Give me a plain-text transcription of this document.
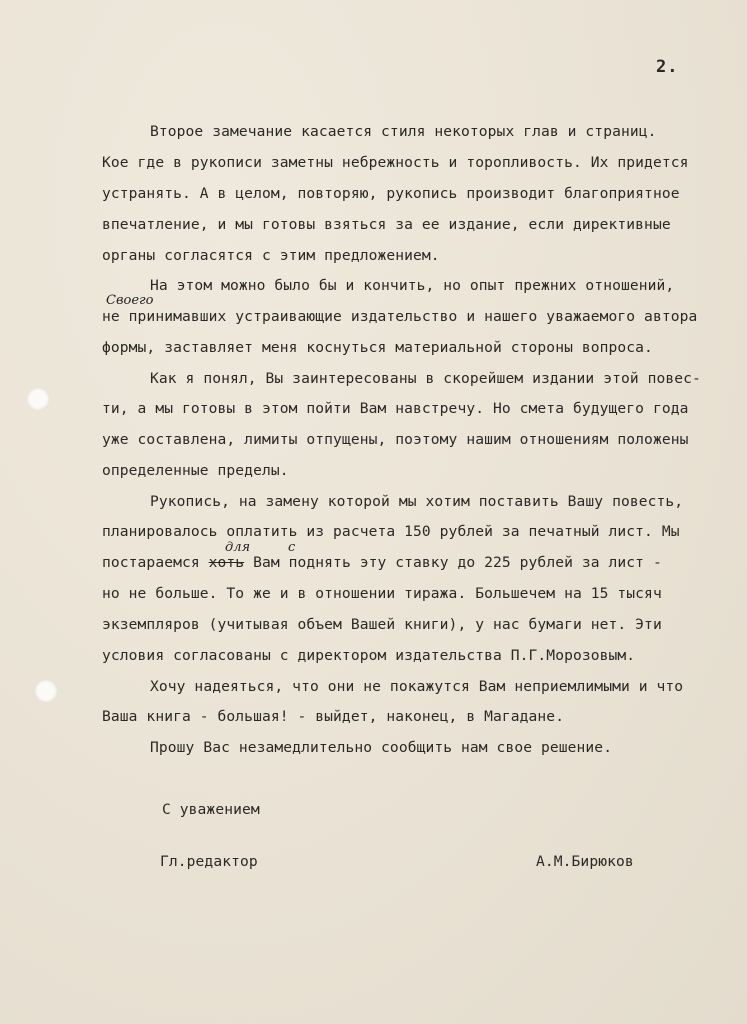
2.
Второе замечание касается стиля некоторых глав и страниц.
Кое где в рукописи заметны небрежность и торопливость. Их придется
устранять. А в целом, повторяю, рукопись производит благоприятное
впечатление, и мы готовы взяться за ее издание, если директивные
органы согласятся с этим предложением.
На этом можно было бы и кончить, но опыт прежних отношений,
Своего
не принимавших устраивающие издательство и нашего уважаемого автора
формы, заставляет меня коснуться материальной стороны вопроса.
Как я понял, Вы заинтересованы в скорейшем издании этой повес-
ти, а мы готовы в этом пойти Вам навстречу. Но смета будущего года
уже составлена, лимиты отпущены, поэтому нашим отношениям положены
определенные пределы.
Рукопись, на замену которой мы хотим поставить Вашу повесть,
планировалось оплатить из расчета 150 рублей за печатный лист. Мы
для	с
постараемся хоть Вам поднять эту ставку до 225 рублей за лист -
но не больше. То же и в отношении тиража. Большечем на 15 тысяч
экземпляров (учитывая объем Вашей книги), у нас бумаги нет. Эти
условия согласованы с директором издательства П.Г.Морозовым.
Хочу надеяться, что они не покажутся Вам неприемлимыми и что
Ваша книга - большая! - выйдет, наконец, в Магадане.
Прошу Вас незамедлительно сообщить нам свое решение.
С уважением
Гл.редактор	А.М.Бирюков
